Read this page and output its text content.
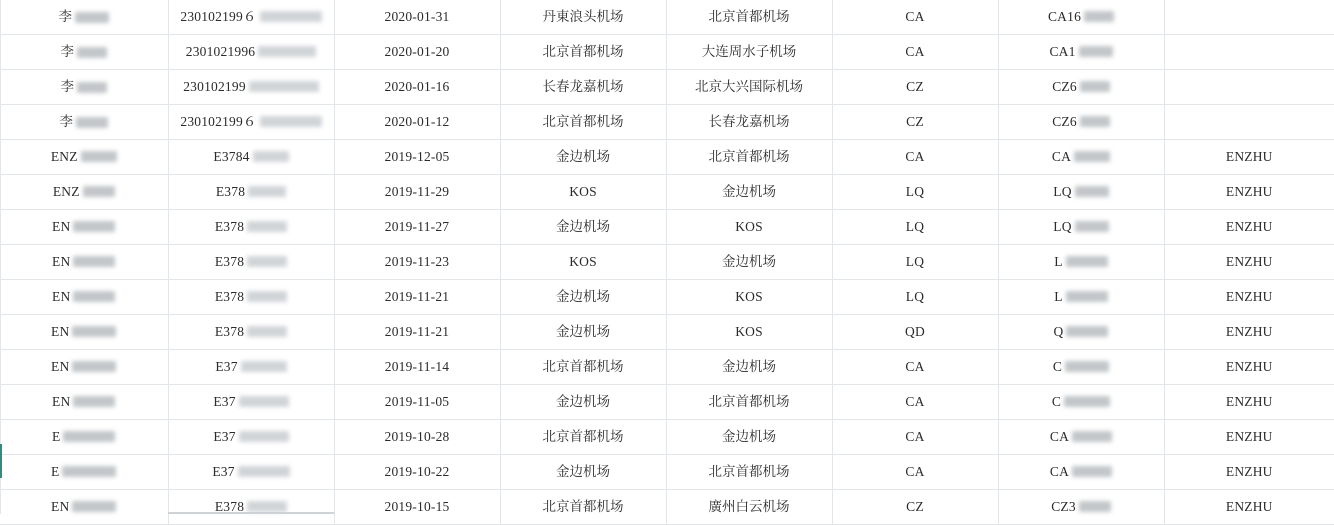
李	230102199６	2020-01-31	丹東浪头机场	北京首都机场	CA	CA16	

李	2301021996	2020-01-20	北京首都机场	大连周水子机场	CA	CA1	

李	230102199	2020-01-16	长春龙嘉机场	北京大兴国际机场	CZ	CZ6	

李	230102199６	2020-01-12	北京首都机场	长春龙嘉机场	CZ	CZ6	

ENZ	E3784	2019-12-05	金边机场	北京首都机场	CA	CA	ENZHU

ENZ	E378	2019-11-29	KOS	金边机场	LQ	LQ	ENZHU

EN	E378	2019-11-27	金边机场	KOS	LQ	LQ	ENZHU

EN	E378	2019-11-23	KOS	金边机场	LQ	L	ENZHU

EN	E378	2019-11-21	金边机场	KOS	LQ	L	ENZHU

EN	E378	2019-11-21	金边机场	KOS	QD	Q	ENZHU

EN	E37	2019-11-14	北京首都机场	金边机场	CA	C	ENZHU

EN	E37	2019-11-05	金边机场	北京首都机场	CA	C	ENZHU

E	E37	2019-10-28	北京首都机场	金边机场	CA	CA	ENZHU

E	E37	2019-10-22	金边机场	北京首都机场	CA	CA	ENZHU

EN	E378	2019-10-15	北京首都机场	廣州白云机场	CZ	CZ3	ENZHU
